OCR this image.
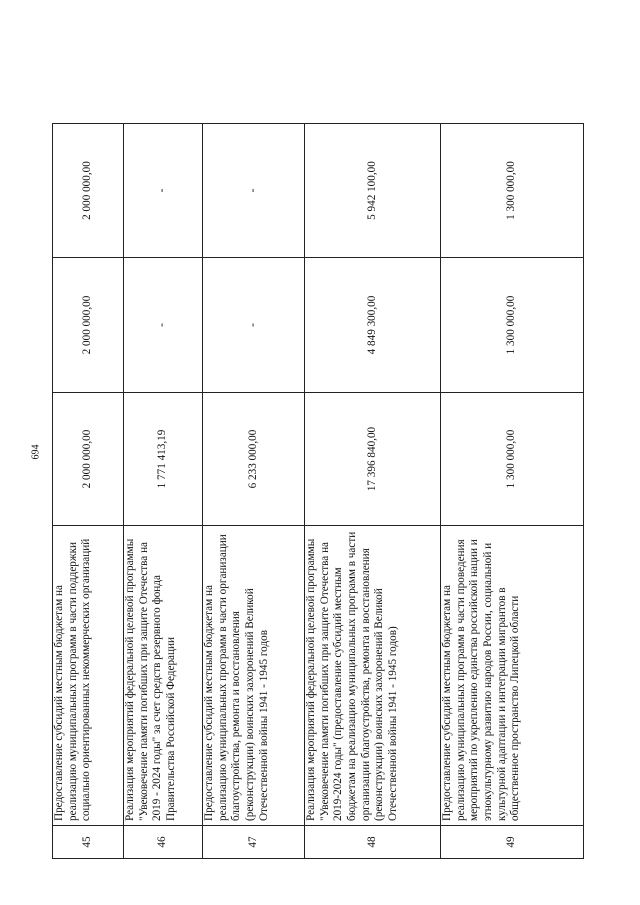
694
45	Предоставление субсидий местным бюджетам на реализацию муниципальных программ в части поддержки социально ориентированных некоммерческих организаций	2 000 000,00	2 000 000,00	2 000 000,00
46	Реализация мероприятий федеральной целевой программы "Увековечение памяти погибших при защите Отечества на 2019 - 2024 годы" за счет средств резервного фонда Правительства Российской Федерации	1 771 413,19	-	-
47	Предоставление субсидий местным бюджетам на реализацию муниципальных программ в части организации благоустройства, ремонта и восстановления (реконструкции) воинских захоронений Великой Отечественной войны 1941 - 1945 годов	6 233 000,00	-	-
48	Реализация мероприятий федеральной целевой программы "Увековечение памяти погибших при защите Отечества на 2019-2024 годы" (предоставление субсидий местным бюджетам на реализацию муниципальных программ в части организации благоустройства, ремонта и восстановления (реконструкции) воинских захоронений Великой Отечественной войны 1941 - 1945 годов)	17 396 840,00	4 849 300,00	5 942 100,00
49	Предоставление субсидий местным бюджетам на реализацию муниципальных программ в части проведения мероприятий по укреплению единства российской нации и этнокультурному развитию народов России, социальной и культурной адаптации и интеграции мигрантов в общественное пространство Липецкой области	1 300 000,00	1 300 000,00	1 300 000,00
